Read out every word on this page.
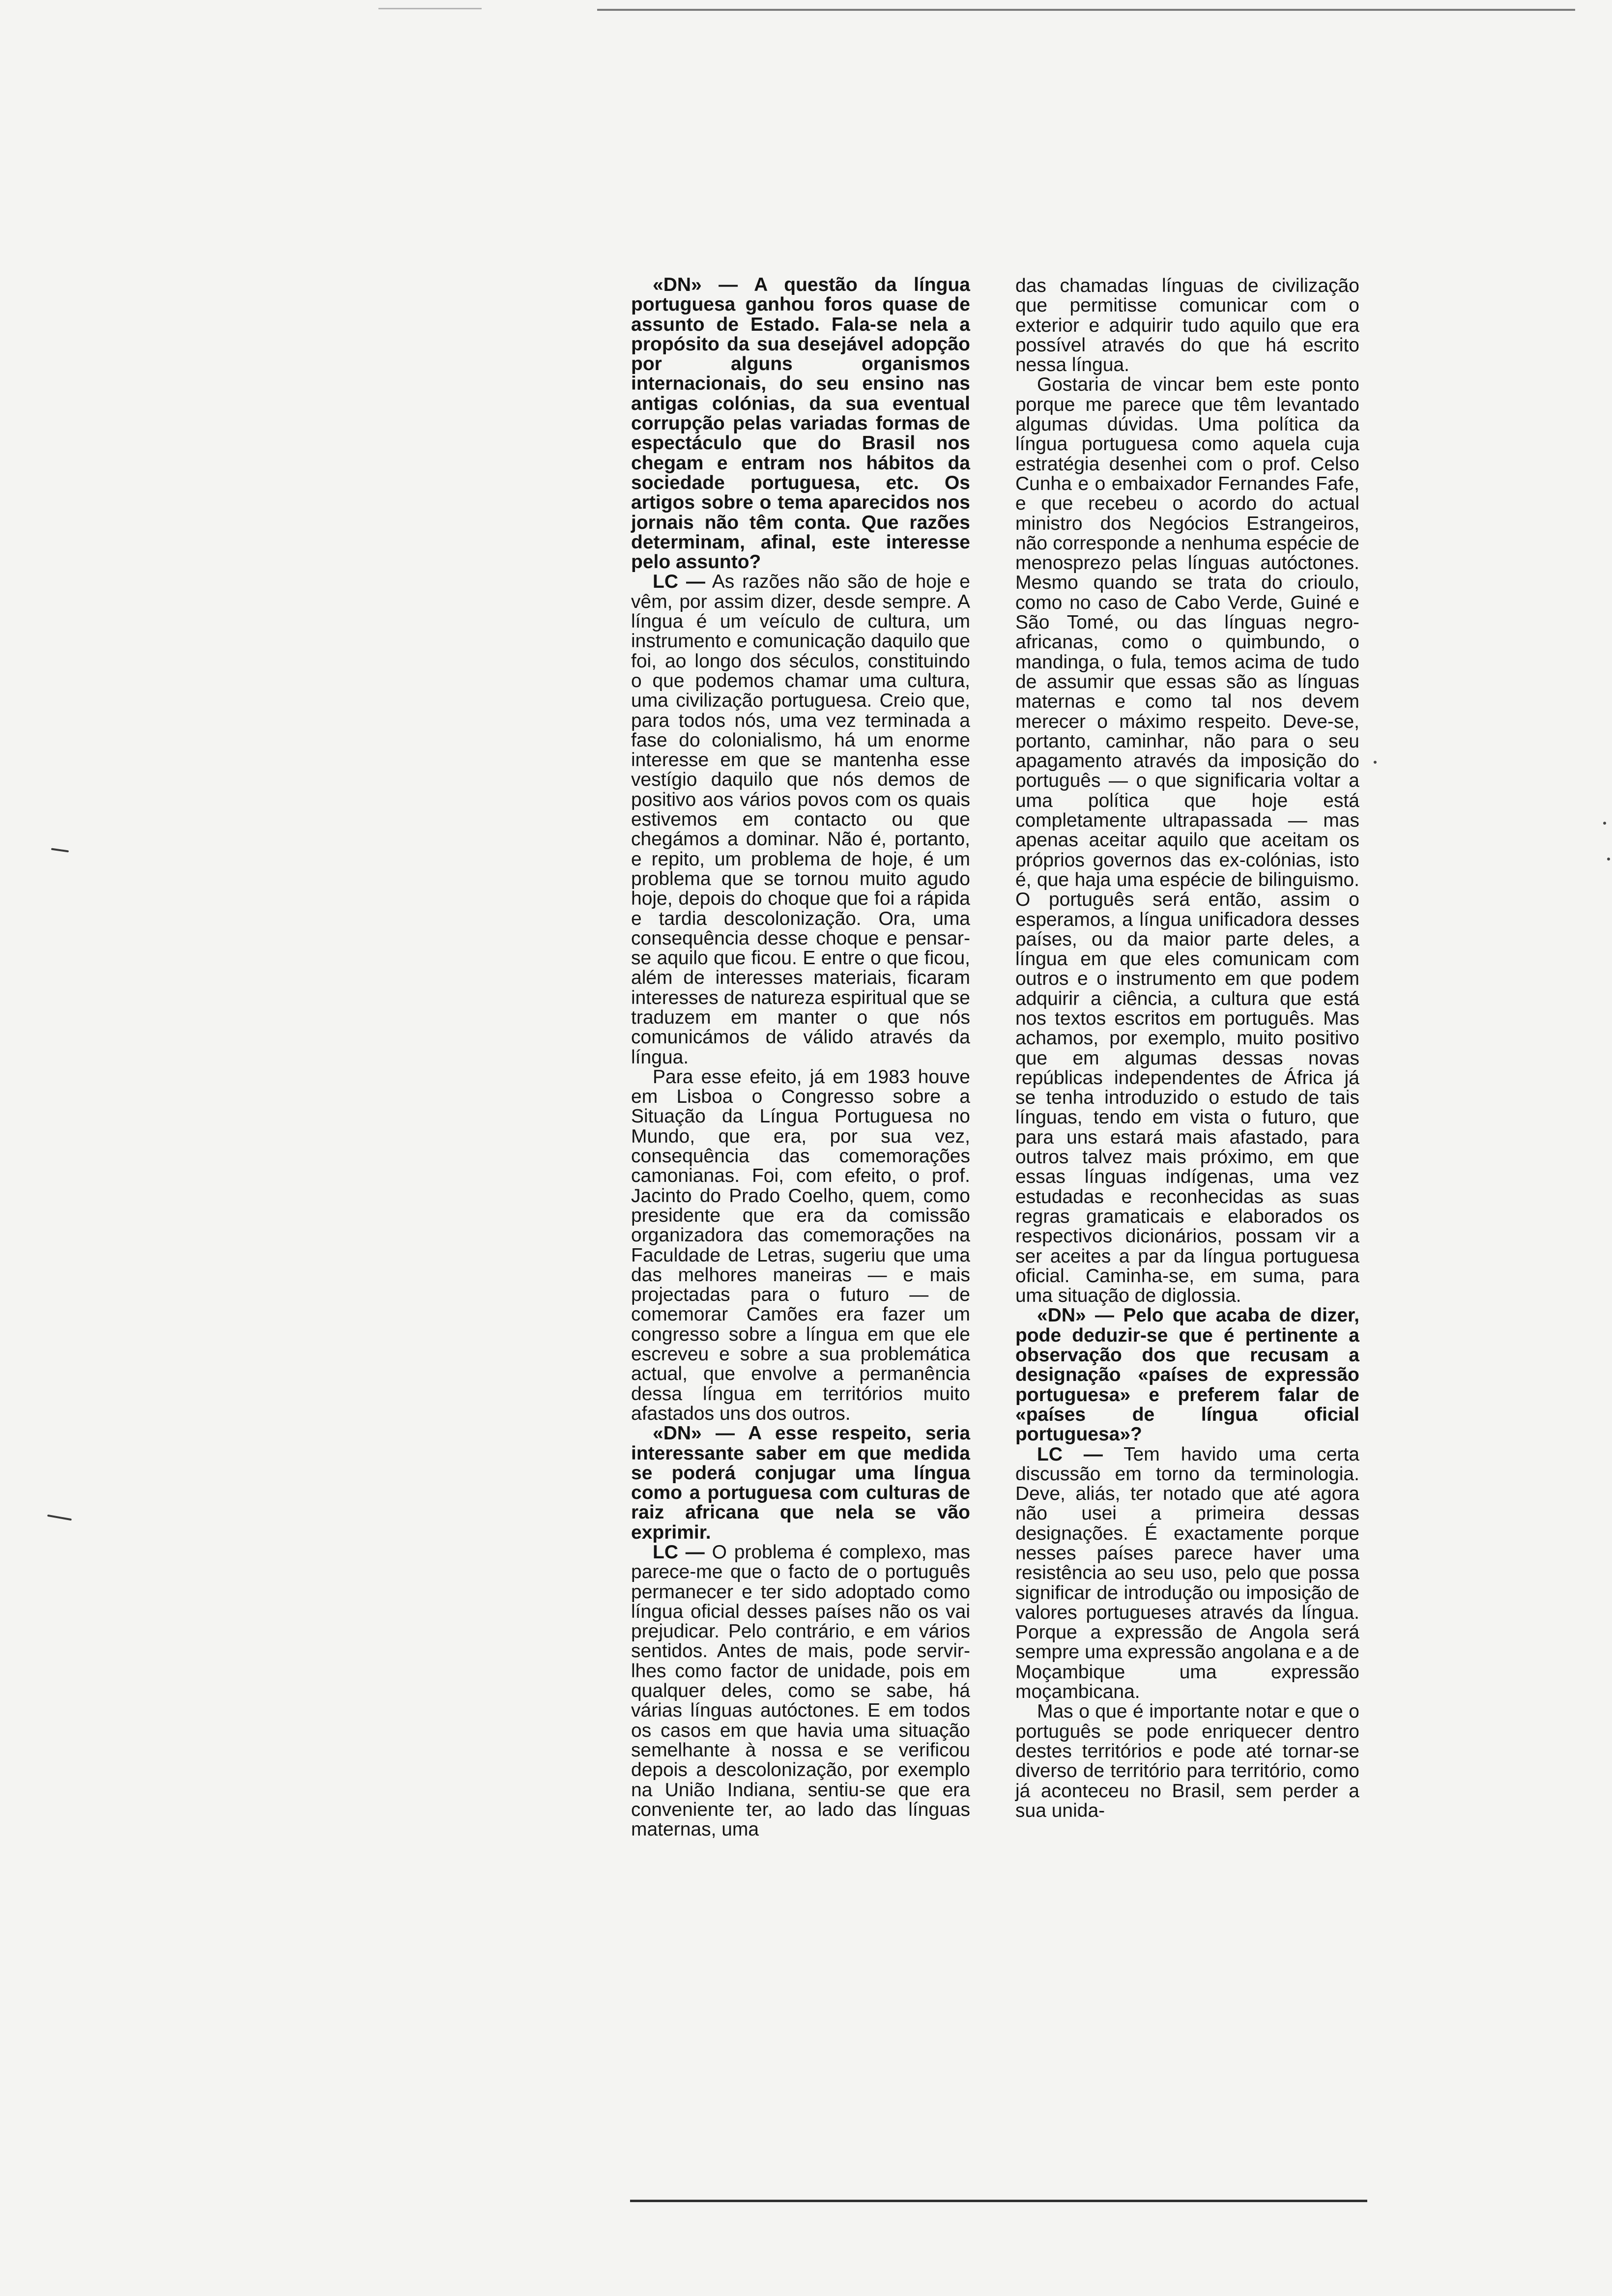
«DN» — A questão da língua portuguesa ganhou foros quase de assunto de Estado. Fala-se nela a propósito da sua desejável adopção por alguns organismos internacionais, do seu ensino nas antigas colónias, da sua eventual corrupção pelas variadas formas de espectáculo que do Brasil nos chegam e entram nos hábitos da sociedade portuguesa, etc. Os artigos sobre o tema aparecidos nos jornais não têm conta. Que razões determinam, afinal, este interesse pelo assunto?

LC — As razões não são de hoje e vêm, por assim dizer, desde sempre. A língua é um veículo de cultura, um instrumento e comunicação daquilo que foi, ao longo dos séculos, constituindo o que podemos chamar uma cultura, uma civilização portuguesa. Creio que, para todos nós, uma vez terminada a fase do colonialismo, há um enorme interesse em que se mantenha esse vestígio daquilo que nós demos de positivo aos vários povos com os quais estivemos em contacto ou que chegámos a dominar. Não é, portanto, e repito, um problema de hoje, é um problema que se tornou muito agudo hoje, depois do choque que foi a rápida e tardia descolonização. Ora, uma consequência desse choque e pensar-se aquilo que ficou. E entre o que ficou, além de interesses materiais, ficaram interesses de natureza espiritual que se traduzem em manter o que nós comunicámos de válido através da língua.

Para esse efeito, já em 1983 houve em Lisboa o Congresso sobre a Situação da Língua Portuguesa no Mundo, que era, por sua vez, consequência das comemorações camonianas. Foi, com efeito, o prof. Jacinto do Prado Coelho, quem, como presidente que era da comissão organizadora das comemorações na Faculdade de Letras, sugeriu que uma das melhores maneiras — e mais projectadas para o futuro — de comemorar Camões era fazer um congresso sobre a língua em que ele escreveu e sobre a sua problemática actual, que envolve a permanência dessa língua em territórios muito afastados uns dos outros.

«DN» — A esse respeito, seria interessante saber em que medida se poderá conjugar uma língua como a portuguesa com culturas de raiz africana que nela se vão exprimir.

LC — O problema é complexo, mas parece-me que o facto de o português permanecer e ter sido adoptado como língua oficial desses países não os vai prejudicar. Pelo contrário, e em vários sentidos. Antes de mais, pode servir-lhes como factor de unidade, pois em qualquer deles, como se sabe, há várias línguas autóctones. E em todos os casos em que havia uma situação semelhante à nossa e se verificou depois a descolonização, por exemplo na União Indiana, sentiu-se que era conveniente ter, ao lado das línguas maternas, uma

das chamadas línguas de civilização que permitisse comunicar com o exterior e adquirir tudo aquilo que era possível através do que há escrito nessa língua.

Gostaria de vincar bem este ponto porque me parece que têm levantado algumas dúvidas. Uma política da língua portuguesa como aquela cuja estratégia desenhei com o prof. Celso Cunha e o embaixador Fernandes Fafe, e que recebeu o acordo do actual ministro dos Negócios Estrangeiros, não corresponde a nenhuma espécie de menosprezo pelas línguas autóctones. Mesmo quando se trata do crioulo, como no caso de Cabo Verde, Guiné e São Tomé, ou das línguas negro-africanas, como o quimbundo, o mandinga, o fula, temos acima de tudo de assumir que essas são as línguas maternas e como tal nos devem merecer o máximo respeito. Deve-se, portanto, caminhar, não para o seu apagamento através da imposição do português — o que significaria voltar a uma política que hoje está completamente ultrapassada — mas apenas aceitar aquilo que aceitam os próprios governos das ex-colónias, isto é, que haja uma espécie de bilinguismo. O português será então, assim o esperamos, a língua unificadora desses países, ou da maior parte deles, a língua em que eles comunicam com outros e o instrumento em que podem adquirir a ciência, a cultura que está nos textos escritos em português. Mas achamos, por exemplo, muito positivo que em algumas dessas novas repúblicas independentes de África já se tenha introduzido o estudo de tais línguas, tendo em vista o futuro, que para uns estará mais afastado, para outros talvez mais próximo, em que essas línguas indígenas, uma vez estudadas e reconhecidas as suas regras gramaticais e elaborados os respectivos dicionários, possam vir a ser aceites a par da língua portuguesa oficial. Caminha-se, em suma, para uma situação de diglossia.

«DN» — Pelo que acaba de dizer, pode deduzir-se que é pertinente a observação dos que recusam a designação «países de expressão portuguesa» e preferem falar de «países de língua oficial portuguesa»?

LC — Tem havido uma certa discussão em torno da terminologia. Deve, aliás, ter notado que até agora não usei a primeira dessas designações. É exactamente porque nesses países parece haver uma resistência ao seu uso, pelo que possa significar de introdução ou imposição de valores portugueses através da língua. Porque a expressão de Angola será sempre uma expressão angolana e a de Moçambique uma expressão moçambicana.

Mas o que é importante notar e que o português se pode enriquecer dentro destes territórios e pode até tornar-se diverso de território para território, como já aconteceu no Brasil, sem perder a sua unida-
